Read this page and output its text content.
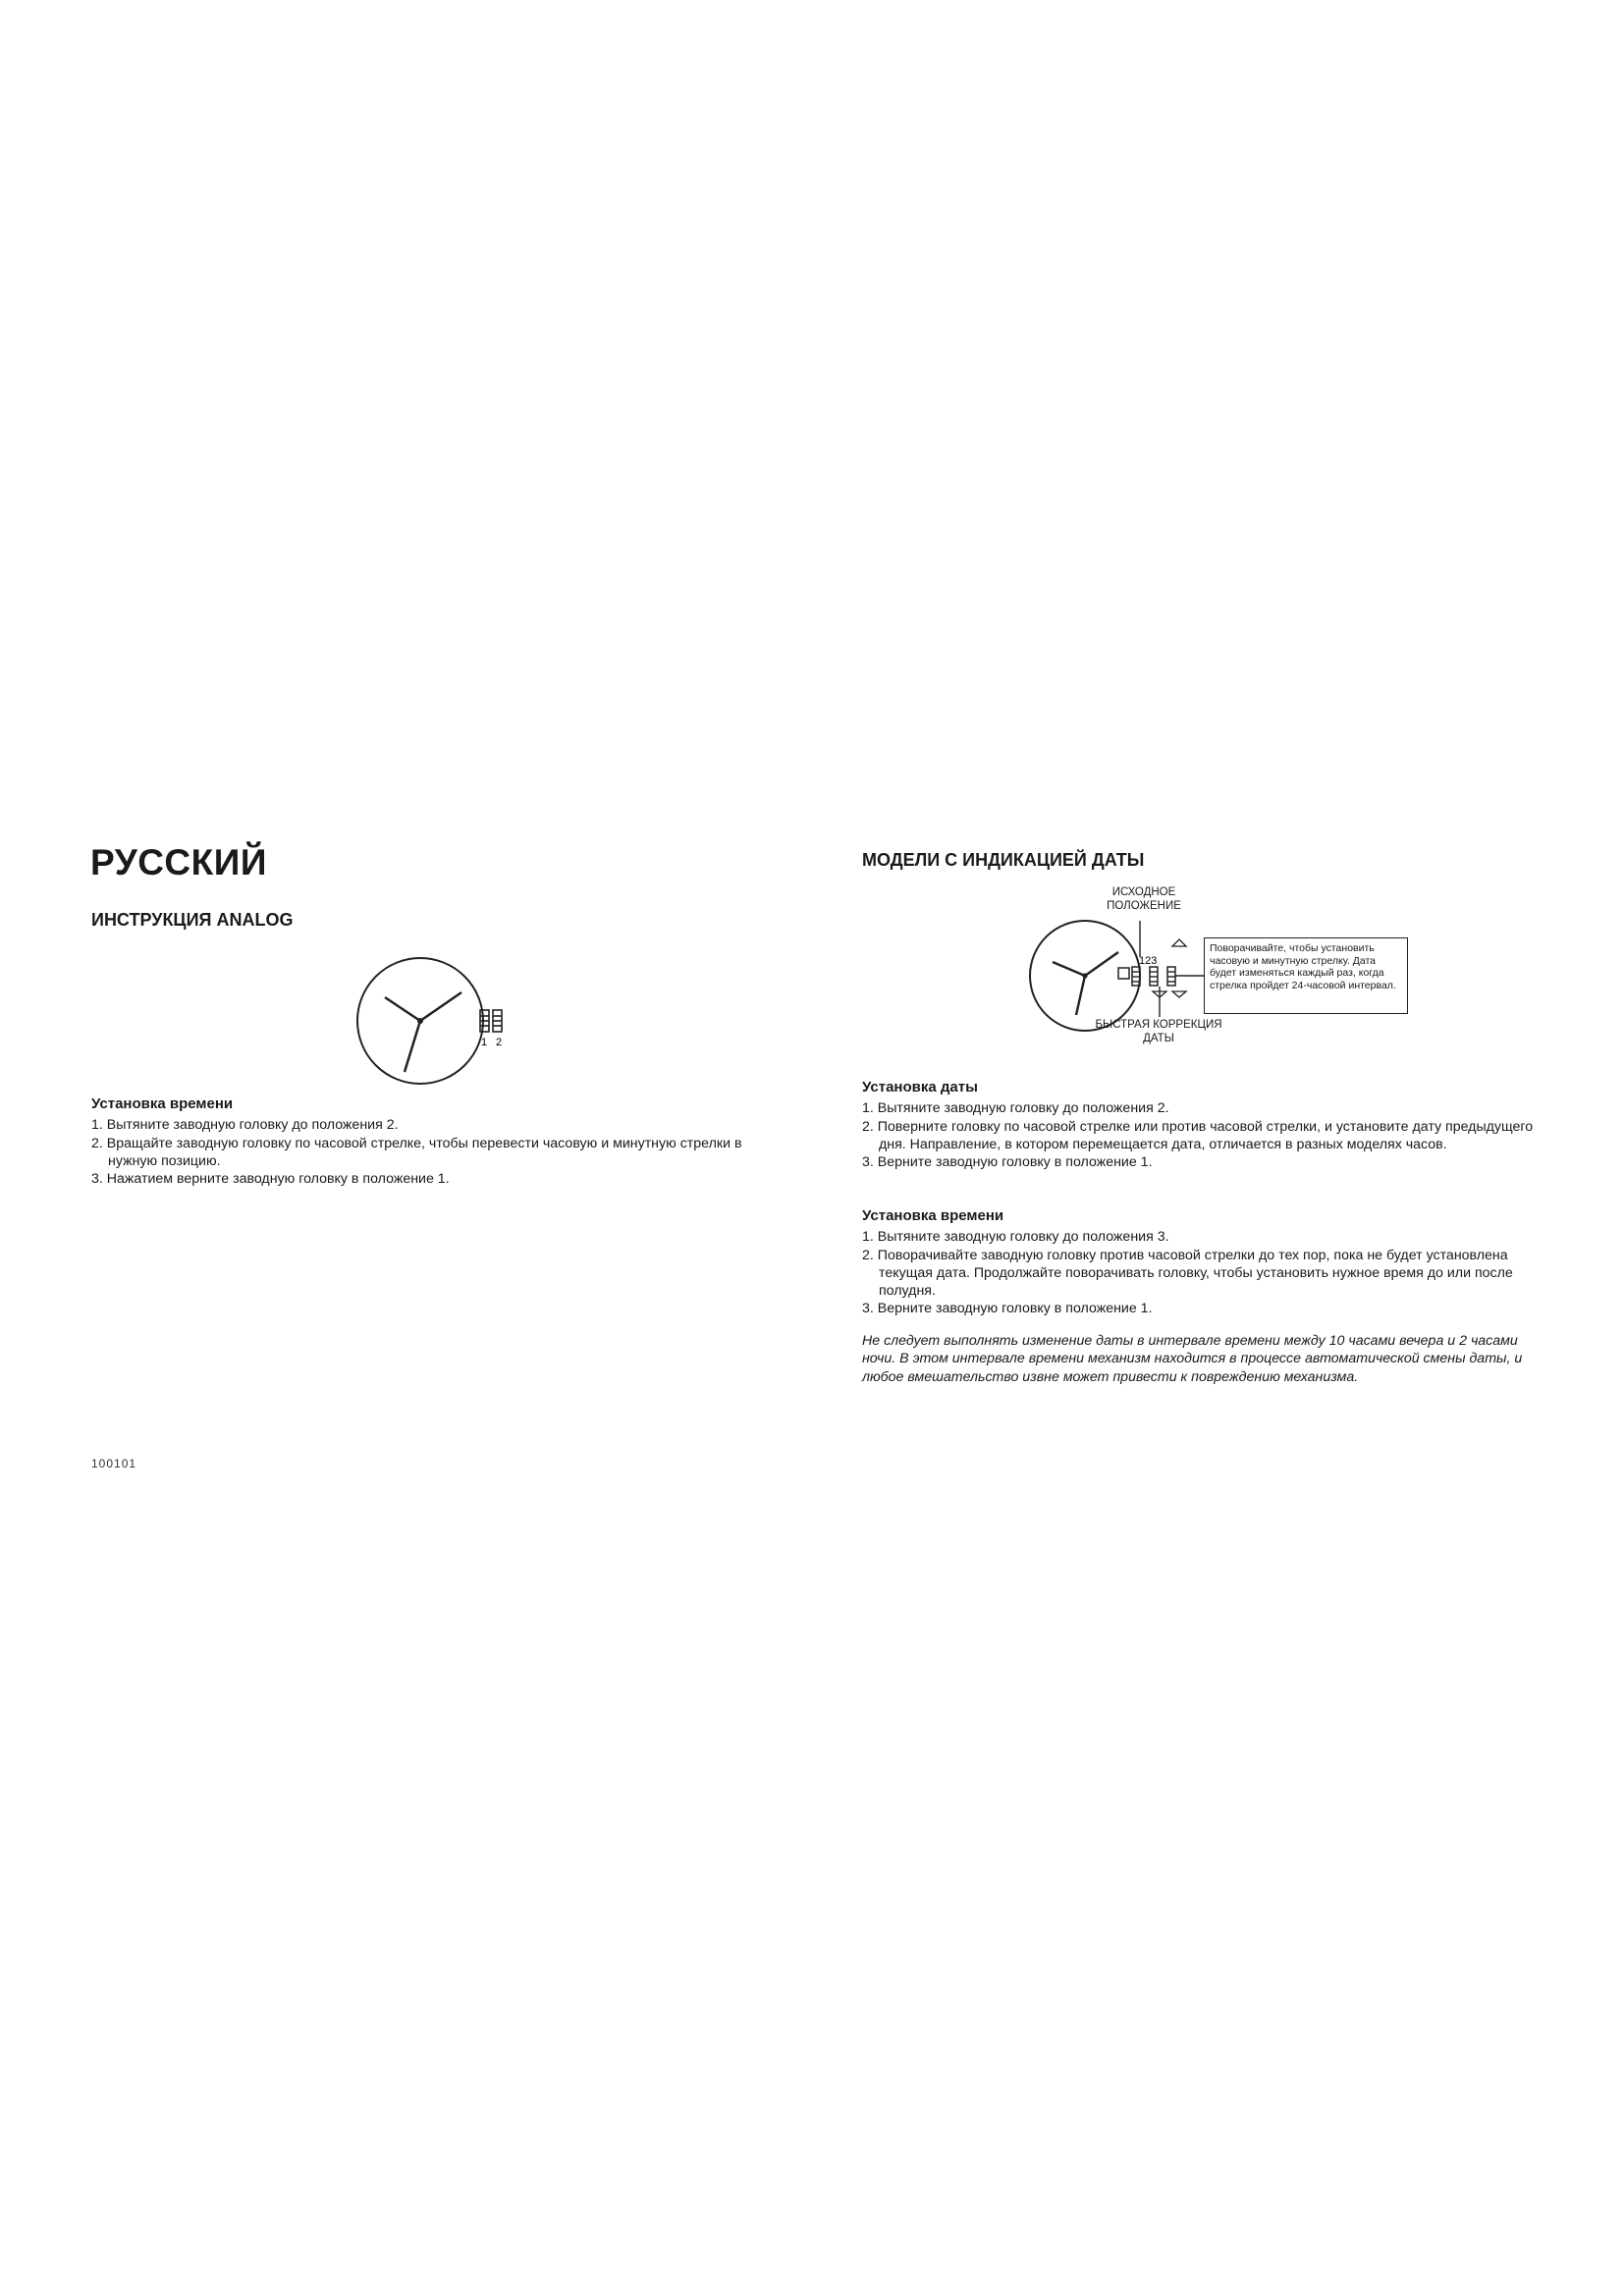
РУССКИЙ
ИНСТРУКЦИЯ ANALOG
1 2
Установка времени
1. Вытяните заводную головку до положения 2.
2. Вращайте заводную головку по часовой стрелке, чтобы перевести часовую и минутную стрелки в нужную позицию.
3. Нажатием верните заводную головку в положение 1.
100101
МОДЕЛИ С ИНДИКАЦИЕЙ ДАТЫ
ИСХОДНОЕ ПОЛОЖЕНИЕ
123
Поворачивайте, чтобы установить часовую и минутную стрелку. Дата будет изменяться каждый раз, когда стрелка пройдет 24-часовой интервал.
БЫСТРАЯ КОРРЕКЦИЯ ДАТЫ
Установка даты
1. Вытяните заводную головку до положения 2.
2. Поверните головку по часовой стрелке или против часовой стрелки, и установите дату предыдущего дня. Направление, в котором перемещается дата, отличается в разных моделях часов.
3. Верните заводную головку в положение 1.
Установка времени
1. Вытяните заводную головку до положения 3.
2. Поворачивайте заводную головку против часовой стрелки до тех пор, пока не будет установлена текущая дата. Продолжайте поворачивать головку, чтобы установить нужное время до или после полудня.
3. Верните заводную головку в положение 1.
Не следует выполнять изменение даты в интервале времени между 10 часами вечера и 2 часами ночи. В этом интервале времени механизм находится в процессе автоматической смены даты, и любое вмешательство извне может привести к повреждению механизма.
